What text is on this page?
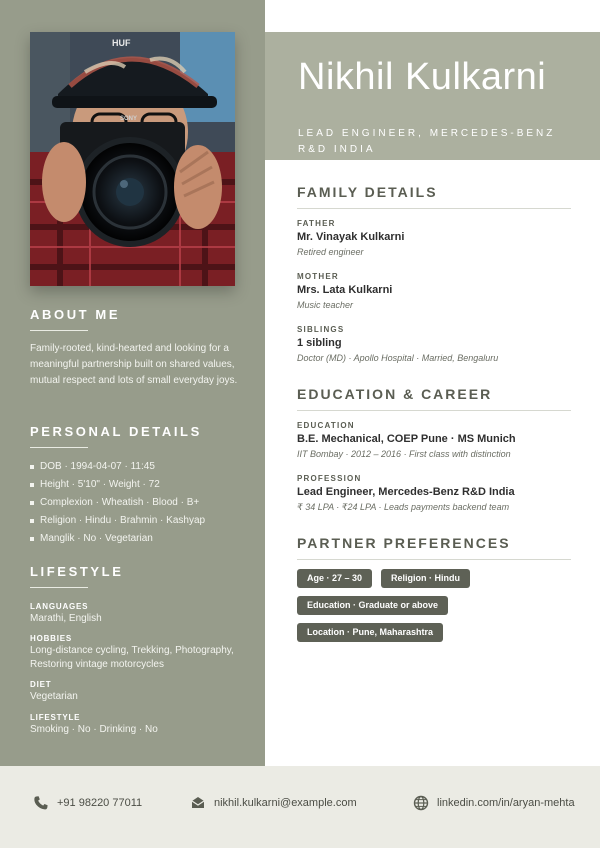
HUF
SONY
ABOUT ME
Family-rooted, kind-hearted and looking for a meaningful partnership built on shared values, mutual respect and lots of small everyday joys.
PERSONAL DETAILS
DOB · 1994-04-07 · 11:45
Height · 5'10" · Weight · 72
Complexion · Wheatish · Blood · B+
Religion · Hindu · Brahmin · Kashyap
Manglik · No · Vegetarian
LIFESTYLE
LANGUAGES
Marathi, English
HOBBIES
Long-distance cycling, Trekking, Photography, Restoring vintage motorcycles
DIET
Vegetarian
LIFESTYLE
Smoking · No · Drinking · No
Nikhil Kulkarni
LEAD ENGINEER, MERCEDES-BENZ R&D INDIA
FAMILY DETAILS
FATHER
Mr. Vinayak Kulkarni
Retired engineer
MOTHER
Mrs. Lata Kulkarni
Music teacher
SIBLINGS
1 sibling
Doctor (MD) · Apollo Hospital · Married, Bengaluru
EDUCATION & CAREER
EDUCATION
B.E. Mechanical, COEP Pune · MS Munich
IIT Bombay · 2012 – 2016 · First class with distinction
PROFESSION
Lead Engineer, Mercedes-Benz R&D India
₹ 34 LPA · ₹24 LPA · Leads payments backend team
PARTNER PREFERENCES
Age · 27 – 30	Religion · Hindu
Education · Graduate or above
Location · Pune, Maharashtra
+91 98220 77011	nikhil.kulkarni@example.com	linkedin.com/in/aryan-mehta
